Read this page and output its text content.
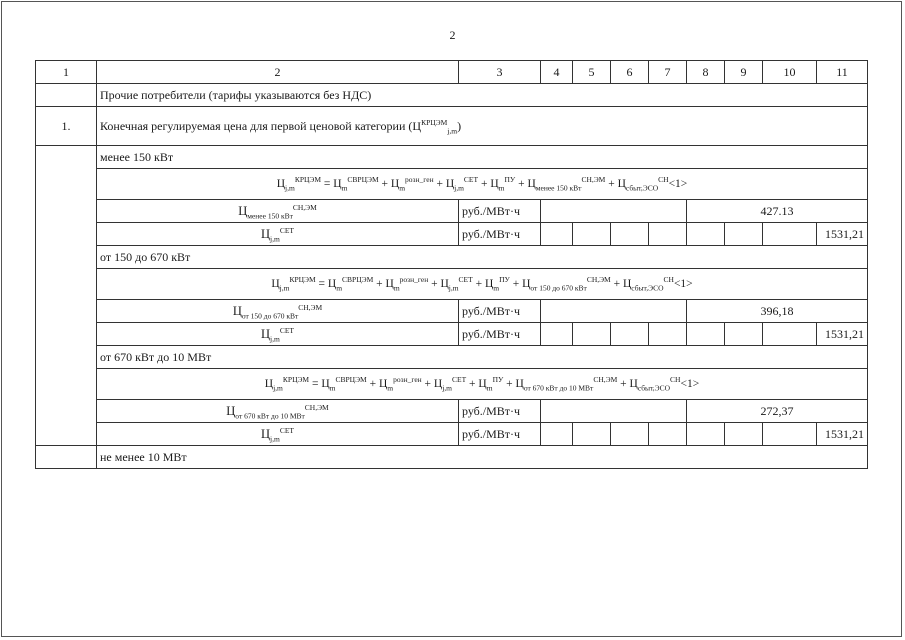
2
1	2	3	4	5	6	7	8	9	10	11
	Прочие потребители (тарифы указываются без НДС)									
1.	Конечная регулируемая цена для первой ценовой категории $(Ц^{КРЦЭМ}_{j,m})$									
	менее 150 кВт									
	$Ц_{j,m}^{КРЦЭМ} = Ц_m^{СВРЦЭМ} + Ц_m^{розн\_ген} + Ц_{j,m}^{СЕТ} + Ц_m^{ПУ} + Ц_{менее 150 кВт}^{СН,ЭМ} + Ц_{сбыт,ЭСО}^{СН}<1>$									
	$Ц_{менее 150 кВт}^{СН,ЭМ}$	руб./МВт·ч					427.13			
	$Ц_{j,m}^{СЕТ}$	руб./МВт·ч								1531,21
	от 150 до 670 кВт									
	$Ц_{j,m}^{КРЦЭМ} = Ц_m^{СВРЦЭМ} + Ц_m^{розн\_ген} + Ц_{j,m}^{СЕТ} + Ц_m^{ПУ} + Ц_{от 150 до 670 кВт}^{СН,ЭМ} + Ц_{сбыт,ЭСО}^{СН}<1>$									
	$Ц_{от 150 до 670 кВт}^{СН,ЭМ}$	руб./МВт·ч					396,18			
	$Ц_{j,m}^{СЕТ}$	руб./МВт·ч								1531,21
	от 670 кВт до 10 МВт									
	$Ц_{j,m}^{КРЦЭМ} = Ц_m^{СВРЦЭМ} + Ц_m^{розн\_ген} + Ц_{j,m}^{СЕТ} + Ц_m^{ПУ} + Ц_{от 670 кВт до 10 МВт}^{СН,ЭМ} + Ц_{сбыт,ЭСО}^{СН}<1>$									
	$Ц_{от 670 кВт до 10 МВт}^{СН,ЭМ}$	руб./МВт·ч					272,37			
	$Ц_{j,m}^{СЕТ}$	руб./МВт·ч								1531,21
	не менее 10 МВт									
